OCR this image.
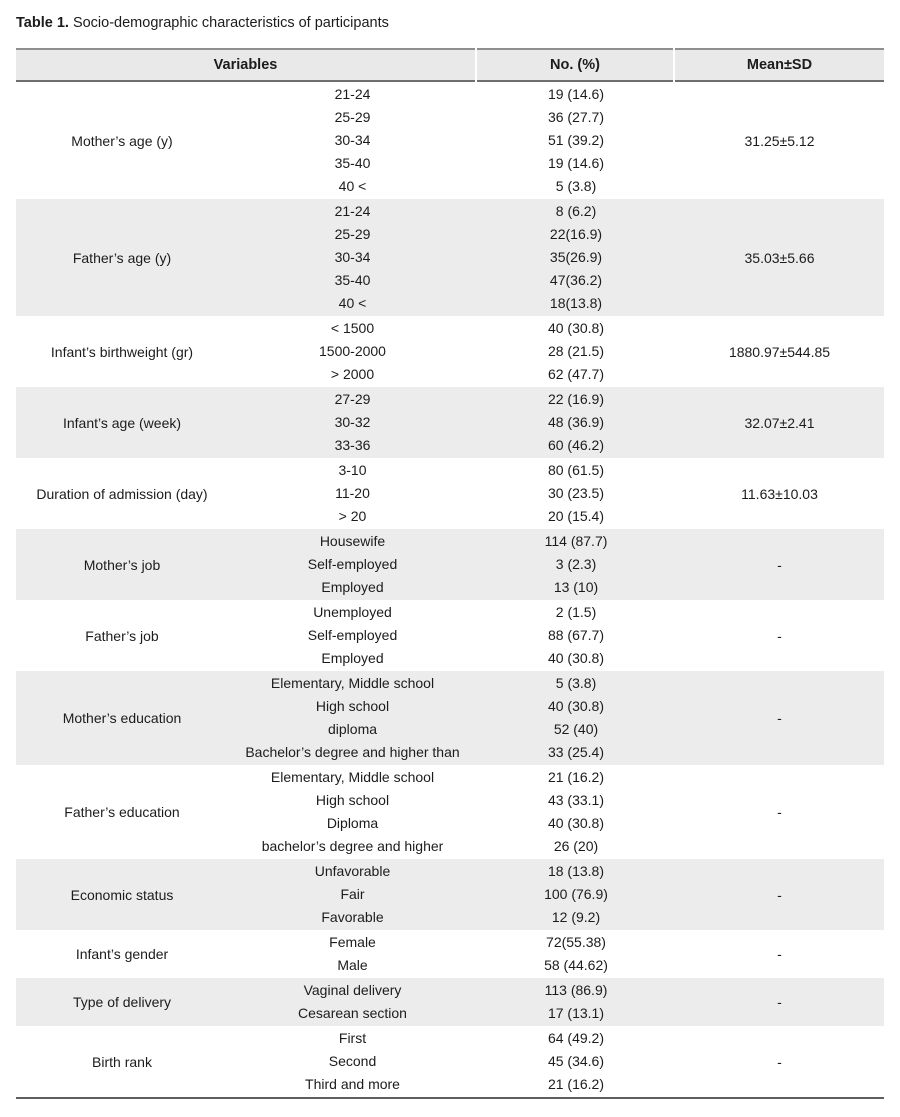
Table 1. Socio-demographic characteristics of participants
Variables	No. (%)	Mean±SD
Mother’s age (y)
21-24
25-29
30-34
35-40
40 <
19 (14.6)
36 (27.7)
51 (39.2)
19 (14.6)
5 (3.8)
31.25±5.12
Father’s age (y)
21-24
25-29
30-34
35-40
40 <
8 (6.2)
22(16.9)
35(26.9)
47(36.2)
18(13.8)
35.03±5.66
Infant’s birthweight (gr)
< 1500
1500-2000
> 2000
40 (30.8)
28 (21.5)
62 (47.7)
1880.97±544.85
Infant’s age (week)
27-29
30-32
33-36
22 (16.9)
48 (36.9)
60 (46.2)
32.07±2.41
Duration of admission (day)
3-10
11-20
> 20
80 (61.5)
30 (23.5)
20 (15.4)
11.63±10.03
Mother’s job
Housewife
Self-employed
Employed
114 (87.7)
3 (2.3)
13 (10)
-
Father’s job
Unemployed
Self-employed
Employed
2 (1.5)
88 (67.7)
40 (30.8)
-
Mother’s education
Elementary, Middle school
High school
diploma
Bachelor’s degree and higher than
5 (3.8)
40 (30.8)
52 (40)
33 (25.4)
-
Father’s education
Elementary, Middle school
High school
Diploma
bachelor’s degree and higher
21 (16.2)
43 (33.1)
40 (30.8)
26 (20)
-
Economic status
Unfavorable
Fair
Favorable
18 (13.8)
100 (76.9)
12 (9.2)
-
Infant’s gender
Female
Male
72(55.38)
58 (44.62)
-
Type of delivery
Vaginal delivery
Cesarean section
113 (86.9)
17 (13.1)
-
Birth rank
First
Second
Third and more
64 (49.2)
45 (34.6)
21 (16.2)
-
